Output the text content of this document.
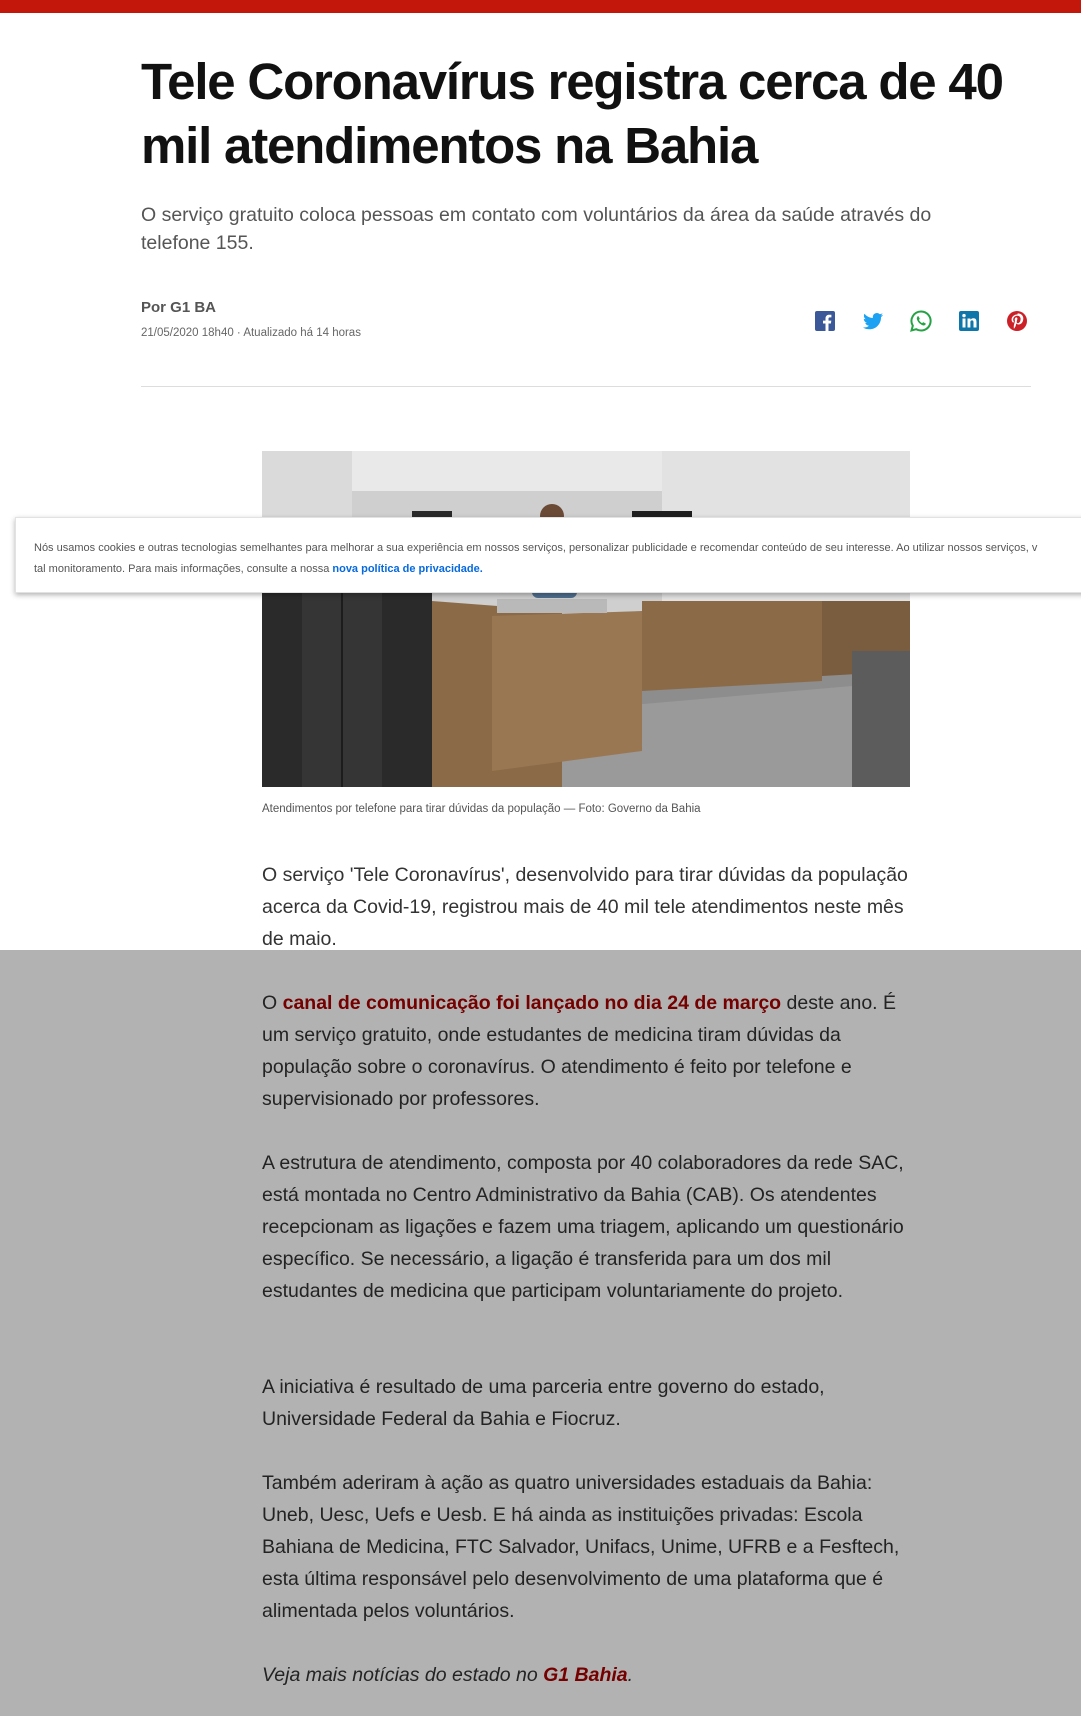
Tele Coronavírus registra cerca de 40 mil atendimentos na Bahia

O serviço gratuito coloca pessoas em contato com voluntários da área da saúde através do telefone 155.

Por G1 BA

21/05/2020 18h40 · Atualizado há 14 horas

Atendimentos por telefone para tirar dúvidas da população — Foto: Governo da Bahia

Nós usamos cookies e outras tecnologias semelhantes para melhorar a sua experiência em nossos serviços, personalizar publicidade e recomendar conteúdo de seu interesse. Ao utilizar nossos serviços, v
tal monitoramento. Para mais informações, consulte a nossa nova política de privacidade.

O serviço 'Tele Coronavírus', desenvolvido para tirar dúvidas da população acerca da Covid-19, registrou mais de 40 mil tele atendimentos neste mês de maio.

O canal de comunicação foi lançado no dia 24 de março deste ano. É um serviço gratuito, onde estudantes de medicina tiram dúvidas da população sobre o coronavírus. O atendimento é feito por telefone e supervisionado por professores.

A estrutura de atendimento, composta por 40 colaboradores da rede SAC, está montada no Centro Administrativo da Bahia (CAB). Os atendentes recepcionam as ligações e fazem uma triagem, aplicando um questionário específico. Se necessário, a ligação é transferida para um dos mil estudantes de medicina que participam voluntariamente do projeto.

A iniciativa é resultado de uma parceria entre governo do estado, Universidade Federal da Bahia e Fiocruz.

Também aderiram à ação as quatro universidades estaduais da Bahia: Uneb, Uesc, Uefs e Uesb. E há ainda as instituições privadas: Escola Bahiana de Medicina, FTC Salvador, Unifacs, Unime, UFRB e a Fesftech, esta última responsável pelo desenvolvimento de uma plataforma que é alimentada pelos voluntários.

Veja mais notícias do estado no G1 Bahia.
